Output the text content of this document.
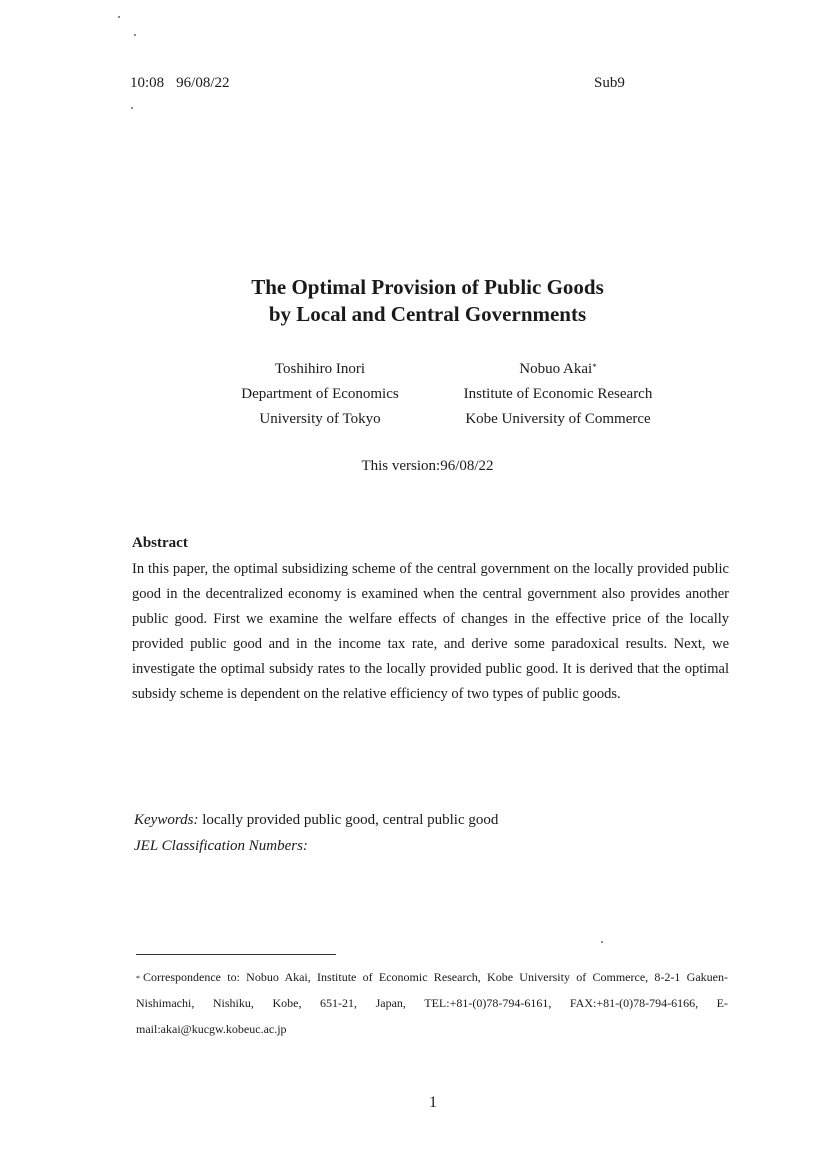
10:08 96/08/22	Sub9
The Optimal Provision of Public Goods
by Local and Central Governments
Toshihiro Inori
Department of Economics
University of Tokyo
Nobuo Akai*
Institute of Economic Research
Kobe University of Commerce
This version:96/08/22
Abstract
In this paper, the optimal subsidizing scheme of the central government on the locally provided public good in the decentralized economy is examined when the central government also provides another public good. First we examine the welfare effects of changes in the effective price of the locally provided public good and in the income tax rate, and derive some paradoxical results. Next, we investigate the optimal subsidy rates to the locally provided public good. It is derived that the optimal subsidy scheme is dependent on the relative efficiency of two types of public goods.
Keywords: locally provided public good, central public good
JEL Classification Numbers:
* Correspondence to: Nobuo Akai, Institute of Economic Research, Kobe University of Commerce, 8-2-1 Gakuen-Nishimachi, Nishiku, Kobe, 651-21, Japan, TEL:+81-(0)78-794-6161, FAX:+81-(0)78-794-6166, E-mail:akai@kucgw.kobeuc.ac.jp
1
